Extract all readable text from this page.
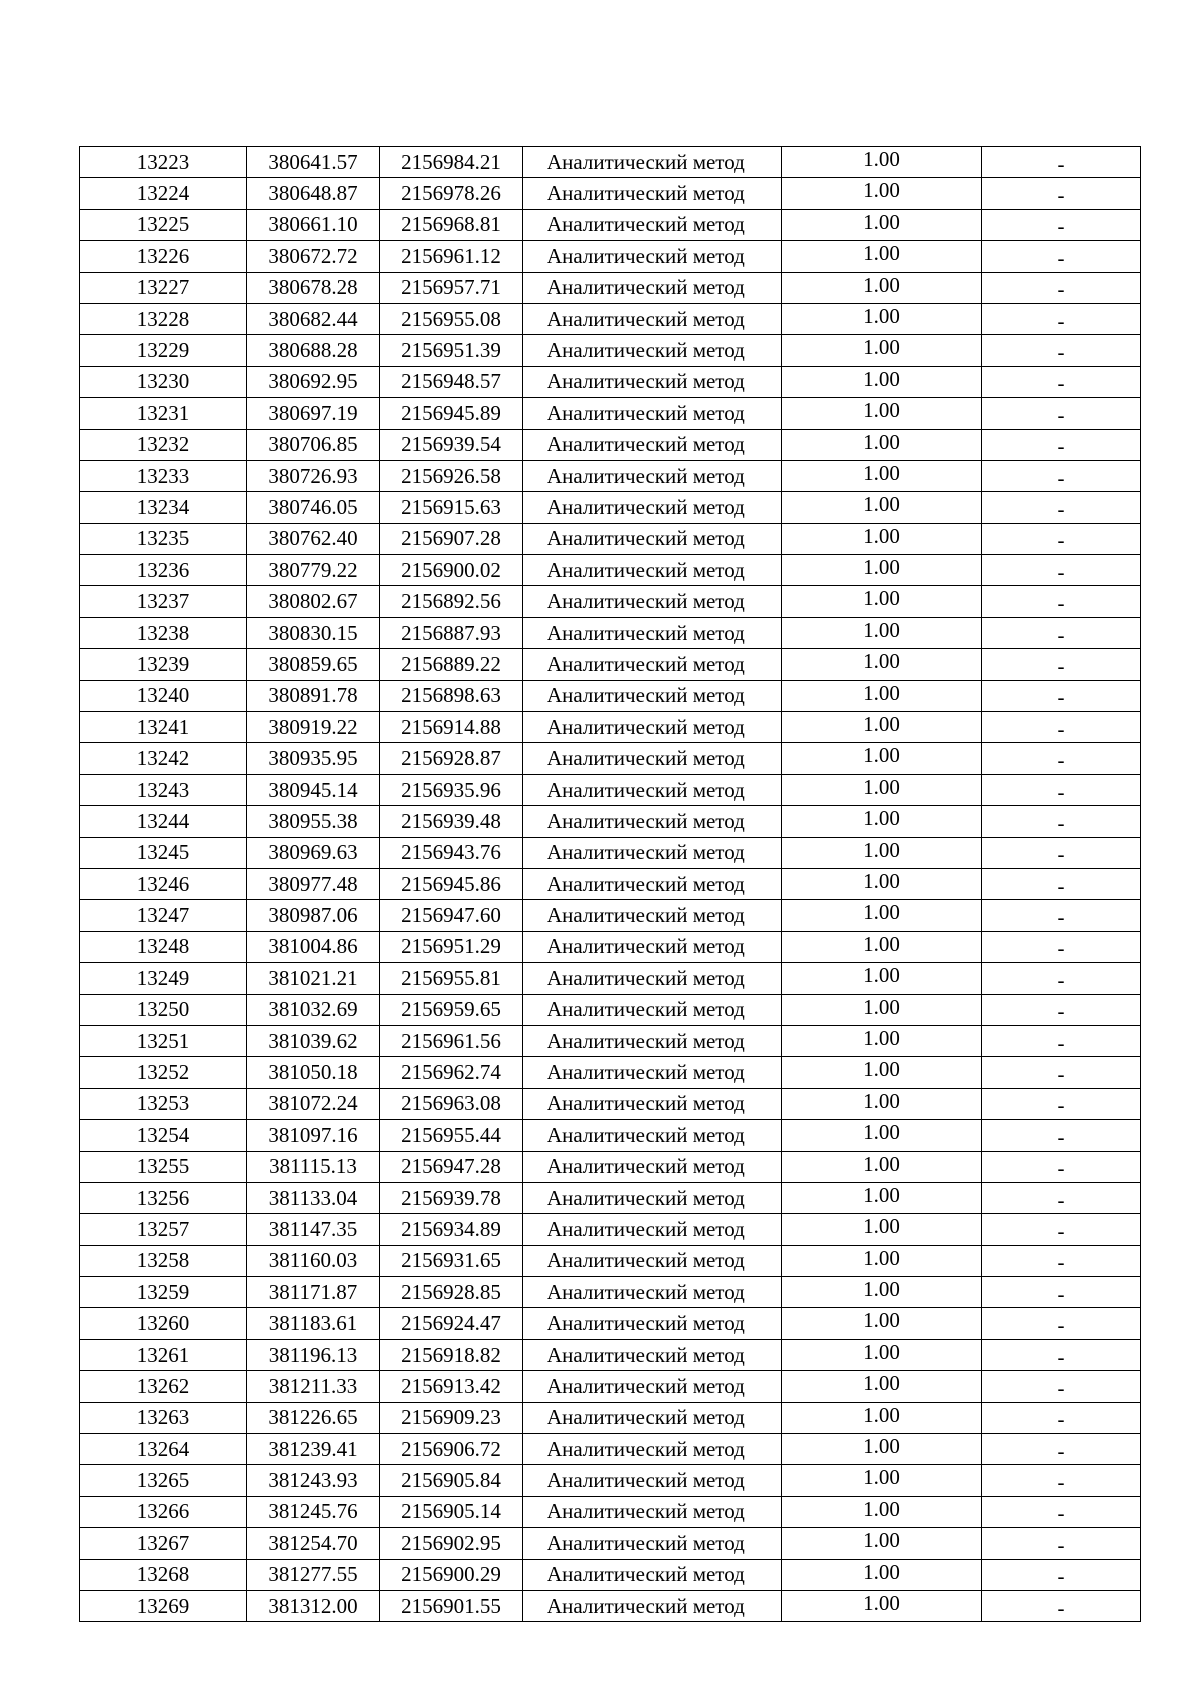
13223	380641.57	2156984.21	Аналитический метод	1.00	-
13224	380648.87	2156978.26	Аналитический метод	1.00	-
13225	380661.10	2156968.81	Аналитический метод	1.00	-
13226	380672.72	2156961.12	Аналитический метод	1.00	-
13227	380678.28	2156957.71	Аналитический метод	1.00	-
13228	380682.44	2156955.08	Аналитический метод	1.00	-
13229	380688.28	2156951.39	Аналитический метод	1.00	-
13230	380692.95	2156948.57	Аналитический метод	1.00	-
13231	380697.19	2156945.89	Аналитический метод	1.00	-
13232	380706.85	2156939.54	Аналитический метод	1.00	-
13233	380726.93	2156926.58	Аналитический метод	1.00	-
13234	380746.05	2156915.63	Аналитический метод	1.00	-
13235	380762.40	2156907.28	Аналитический метод	1.00	-
13236	380779.22	2156900.02	Аналитический метод	1.00	-
13237	380802.67	2156892.56	Аналитический метод	1.00	-
13238	380830.15	2156887.93	Аналитический метод	1.00	-
13239	380859.65	2156889.22	Аналитический метод	1.00	-
13240	380891.78	2156898.63	Аналитический метод	1.00	-
13241	380919.22	2156914.88	Аналитический метод	1.00	-
13242	380935.95	2156928.87	Аналитический метод	1.00	-
13243	380945.14	2156935.96	Аналитический метод	1.00	-
13244	380955.38	2156939.48	Аналитический метод	1.00	-
13245	380969.63	2156943.76	Аналитический метод	1.00	-
13246	380977.48	2156945.86	Аналитический метод	1.00	-
13247	380987.06	2156947.60	Аналитический метод	1.00	-
13248	381004.86	2156951.29	Аналитический метод	1.00	-
13249	381021.21	2156955.81	Аналитический метод	1.00	-
13250	381032.69	2156959.65	Аналитический метод	1.00	-
13251	381039.62	2156961.56	Аналитический метод	1.00	-
13252	381050.18	2156962.74	Аналитический метод	1.00	-
13253	381072.24	2156963.08	Аналитический метод	1.00	-
13254	381097.16	2156955.44	Аналитический метод	1.00	-
13255	381115.13	2156947.28	Аналитический метод	1.00	-
13256	381133.04	2156939.78	Аналитический метод	1.00	-
13257	381147.35	2156934.89	Аналитический метод	1.00	-
13258	381160.03	2156931.65	Аналитический метод	1.00	-
13259	381171.87	2156928.85	Аналитический метод	1.00	-
13260	381183.61	2156924.47	Аналитический метод	1.00	-
13261	381196.13	2156918.82	Аналитический метод	1.00	-
13262	381211.33	2156913.42	Аналитический метод	1.00	-
13263	381226.65	2156909.23	Аналитический метод	1.00	-
13264	381239.41	2156906.72	Аналитический метод	1.00	-
13265	381243.93	2156905.84	Аналитический метод	1.00	-
13266	381245.76	2156905.14	Аналитический метод	1.00	-
13267	381254.70	2156902.95	Аналитический метод	1.00	-
13268	381277.55	2156900.29	Аналитический метод	1.00	-
13269	381312.00	2156901.55	Аналитический метод	1.00	-
